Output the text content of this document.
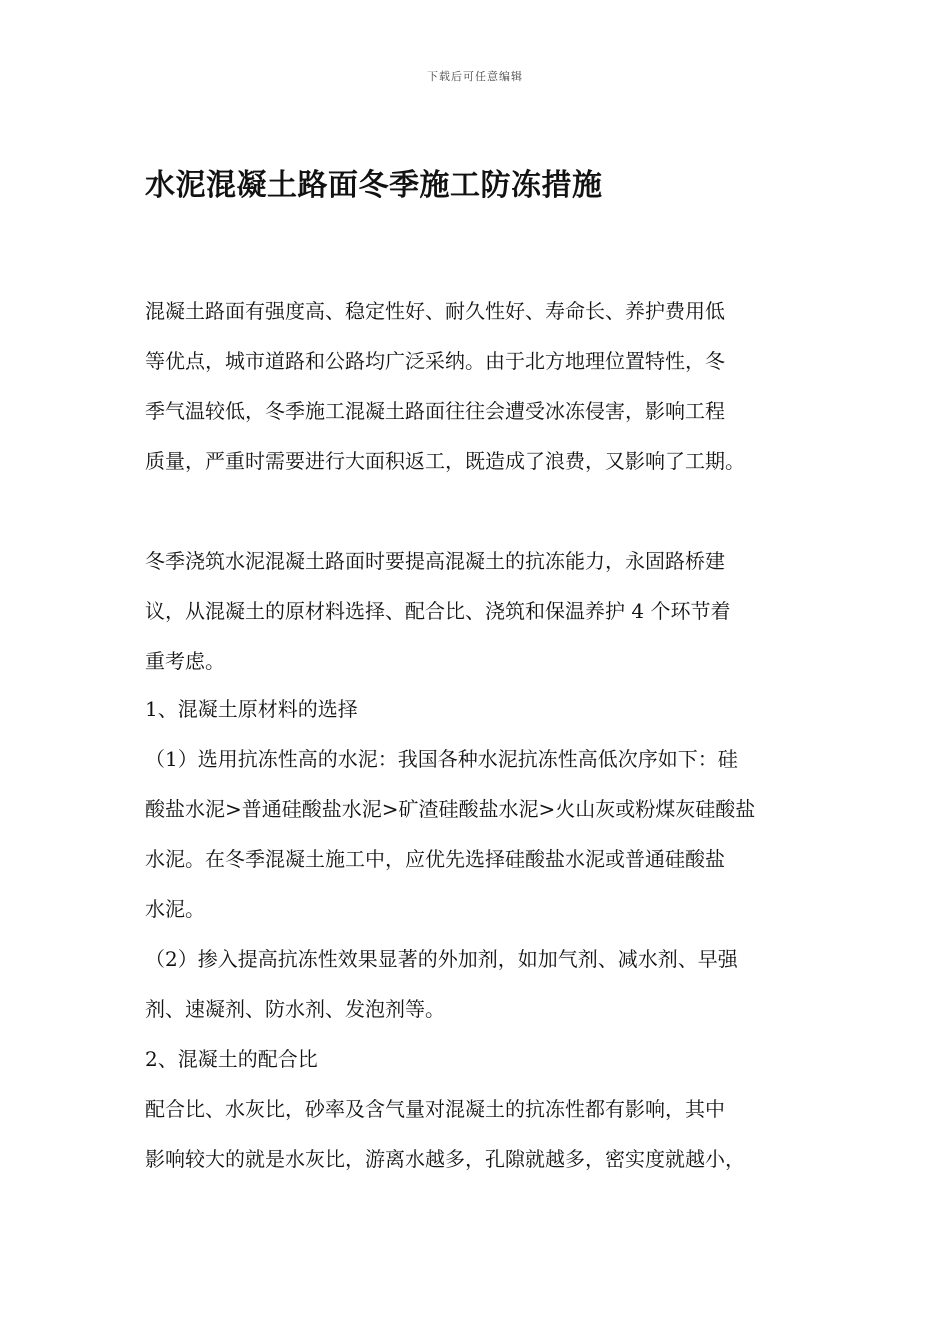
下载后可任意编辑
水泥混凝土路面冬季施工防冻措施
混凝土路面有强度高、稳定性好、耐久性好、寿命长、养护费用低
等优点，城市道路和公路均广泛采纳。由于北方地理位置特性，冬
季气温较低，冬季施工混凝土路面往往会遭受冰冻侵害，影响工程
质量，严重时需要进行大面积返工，既造成了浪费，又影响了工期。
冬季浇筑水泥混凝土路面时要提高混凝土的抗冻能力，永固路桥建
议，从混凝土的原材料选择、配合比、浇筑和保温养护 4 个环节着
重考虑。
1、混凝土原材料的选择
（1）选用抗冻性高的水泥：我国各种水泥抗冻性高低次序如下：硅
酸盐水泥>普通硅酸盐水泥>矿渣硅酸盐水泥>火山灰或粉煤灰硅酸盐
水泥。在冬季混凝土施工中，应优先选择硅酸盐水泥或普通硅酸盐
水泥。
（2）掺入提高抗冻性效果显著的外加剂，如加气剂、减水剂、早强
剂、速凝剂、防水剂、发泡剂等。
2、混凝土的配合比
配合比、水灰比，砂率及含气量对混凝土的抗冻性都有影响，其中
影响较大的就是水灰比，游离水越多，孔隙就越多，密实度就越小，
